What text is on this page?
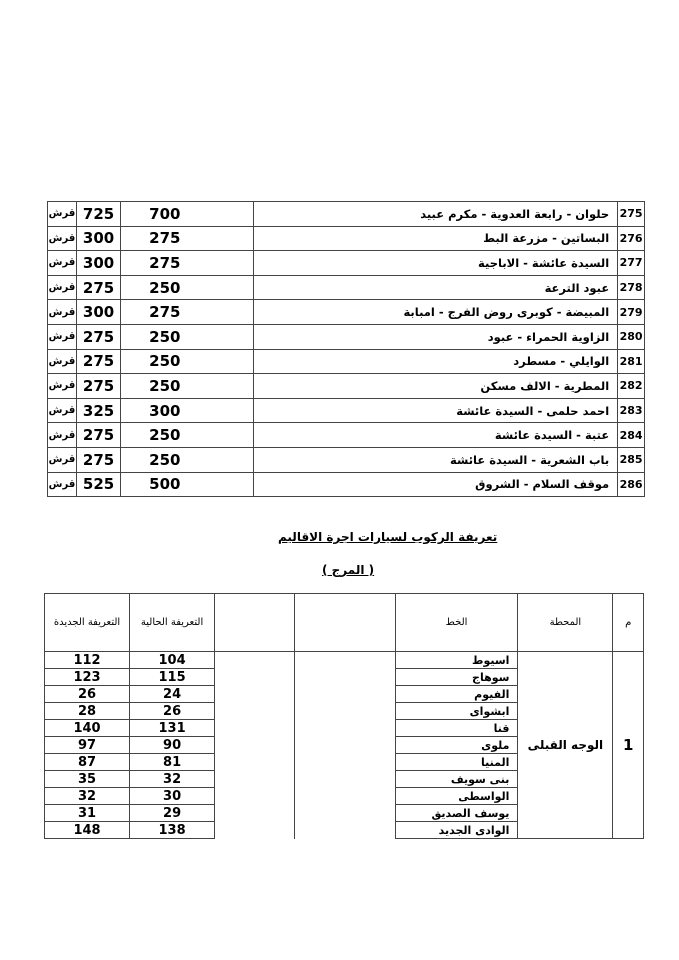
275	حلوان - رابعة العدوية - مكرم عبيد	700	725	قرش
276	البساتين - مزرعة البط	275	300	قرش
277	السيدة عائشة - الاباجية	275	300	قرش
278	عبود الترعة	250	275	قرش
279	المبيضة - كوبرى روض الفرج - امبابة	275	300	قرش
280	الزاوية الحمراء - عبود	250	275	قرش
281	الوايلي - مسطرد	250	275	قرش
282	المطرية - الالف مسكن	250	275	قرش
283	احمد حلمى - السيدة عائشة	300	325	قرش
284	عتبة - السيدة عائشة	250	275	قرش
285	باب الشعرية - السيدة عائشة	250	275	قرش
286	موقف السلام - الشروق	500	525	قرش
تعريفة الركوب لسيارات اجرة الاقاليم
( المرج )
م	المحطة	الخط			التعريفة الحالية	التعريفة الجديدة
1	الوجه القبلى	اسيوط			104	112
		سوهاج			115	123
		الفيوم			24	26
		ابشواى			26	28
		قنا			131	140
		ملوى			90	97
		المنيا			81	87
		بنى سويف			32	35
		الواسطى			30	32
		يوسف الصديق			29	31
		الوادى الجديد			138	148
